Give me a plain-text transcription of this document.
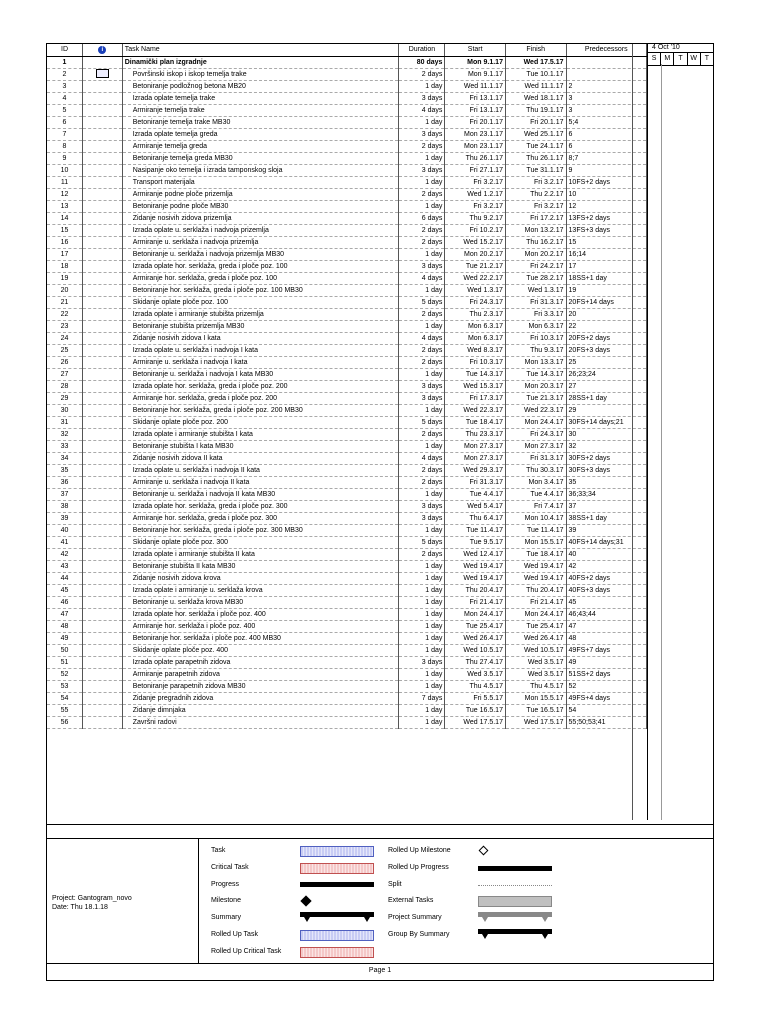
ID	i	Task Name	Duration	Start	Finish	Predecessors
1		Dinamički plan izgradnje	80 days	Mon 9.1.17	Wed 17.5.17	
2		Površinski iskop i iskop temelja trake	2 days	Mon 9.1.17	Tue 10.1.17	
3		Betoniranje podložnog betona MB20	1 day	Wed 11.1.17	Wed 11.1.17	2
4		Izrada oplate temelja trake	3 days	Fri 13.1.17	Wed 18.1.17	3
5		Armiranje temelja trake	4 days	Fri 13.1.17	Thu 19.1.17	3
6		Betoniranje temelja trake MB30	1 day	Fri 20.1.17	Fri 20.1.17	5;4
7		Izrada oplate temelja greda	3 days	Mon 23.1.17	Wed 25.1.17	6
8		Armiranje temelja greda	2 days	Mon 23.1.17	Tue 24.1.17	6
9		Betoniranje temelja greda MB30	1 day	Thu 26.1.17	Thu 26.1.17	8;7
10		Nasipanje oko temelja i izrada tamponskog sloja	3 days	Fri 27.1.17	Tue 31.1.17	9
11		Transport materijala	1 day	Fri 3.2.17	Fri 3.2.17	10FS+2 days
12		Armiranje podne ploče prizemlja	2 days	Wed 1.2.17	Thu 2.2.17	10
13		Betoniranje podne ploče MB30	1 day	Fri 3.2.17	Fri 3.2.17	12
14		Zidanje nosivih zidova prizemlja	6 days	Thu 9.2.17	Fri 17.2.17	13FS+2 days
15		Izrada oplate u. serklaža i nadvoja prizemlja	2 days	Fri 10.2.17	Mon 13.2.17	13FS+3 days
16		Armiranje u. serklaža i nadvoja prizemlja	2 days	Wed 15.2.17	Thu 16.2.17	15
17		Betoniranje u. serklaža i nadvoja prizemlja MB30	1 day	Mon 20.2.17	Mon 20.2.17	16;14
18		Izrada oplate hor. serklaža, greda i ploče poz. 100	3 days	Tue 21.2.17	Fri 24.2.17	17
19		Armiranje hor. serklaža, greda i ploče poz. 100	4 days	Wed 22.2.17	Tue 28.2.17	18SS+1 day
20		Betoniranje hor. serklaža, greda i ploče poz. 100 MB30	1 day	Wed 1.3.17	Wed 1.3.17	19
21		Skidanje oplate ploče poz. 100	5 days	Fri 24.3.17	Fri 31.3.17	20FS+14 days
22		Izrada oplate i armiranje stubišta prizemlja	2 days	Thu 2.3.17	Fri 3.3.17	20
23		Betoniranje stubišta prizemlja MB30	1 day	Mon 6.3.17	Mon 6.3.17	22
24		Zidanje nosivih zidova I kata	4 days	Mon 6.3.17	Fri 10.3.17	20FS+2 days
25		Izrada oplate u. serklaža i nadvoja I kata	2 days	Wed 8.3.17	Thu 9.3.17	20FS+3 days
26		Armiranje u. serklaža i nadvoja I kata	2 days	Fri 10.3.17	Mon 13.3.17	25
27		Betoniranje u. serklaža i nadvoja I kata MB30	1 day	Tue 14.3.17	Tue 14.3.17	26;23;24
28		Izrada oplate hor. serklaža, greda i ploče poz. 200	3 days	Wed 15.3.17	Mon 20.3.17	27
29		Armiranje hor. serklaža, greda i ploče poz. 200	3 days	Fri 17.3.17	Tue 21.3.17	28SS+1 day
30		Betoniranje hor. serklaža, greda i ploče poz. 200 MB30	1 day	Wed 22.3.17	Wed 22.3.17	29
31		Skidanje oplate ploče poz. 200	5 days	Tue 18.4.17	Mon 24.4.17	30FS+14 days;21
32		Izrada oplate i armiranje stubišta I kata	2 days	Thu 23.3.17	Fri 24.3.17	30
33		Betoniranje stubišta I kata MB30	1 day	Mon 27.3.17	Mon 27.3.17	32
34		Zidanje nosivih zidova II kata	4 days	Mon 27.3.17	Fri 31.3.17	30FS+2 days
35		Izrada oplate u. serklaža i nadvoja II kata	2 days	Wed 29.3.17	Thu 30.3.17	30FS+3 days
36		Armiranje u. serklaža i nadvoja II kata	2 days	Fri 31.3.17	Mon 3.4.17	35
37		Betoniranje u. serklaža i nadvoja II kata MB30	1 day	Tue 4.4.17	Tue 4.4.17	36;33;34
38		Izrada oplate hor. serklaža, greda i ploče poz. 300	3 days	Wed 5.4.17	Fri 7.4.17	37
39		Armiranje hor. serklaža, greda i ploče poz. 300	3 days	Thu 6.4.17	Mon 10.4.17	38SS+1 day
40		Betoniranje hor. serklaža, greda i ploče poz. 300 MB30	1 day	Tue 11.4.17	Tue 11.4.17	39
41		Skidanje oplate ploče poz. 300	5 days	Tue 9.5.17	Mon 15.5.17	40FS+14 days;31
42		Izrada oplate i armiranje stubišta II kata	2 days	Wed 12.4.17	Tue 18.4.17	40
43		Betoniranje stubišta II kata MB30	1 day	Wed 19.4.17	Wed 19.4.17	42
44		Zidanje nosivih zidova krova	1 day	Wed 19.4.17	Wed 19.4.17	40FS+2 days
45		Izrada oplate i armiranje u. serklaža krova	1 day	Thu 20.4.17	Thu 20.4.17	40FS+3 days
46		Betoniranje u. serklaža krova MB30	1 day	Fri 21.4.17	Fri 21.4.17	45
47		Izrada oplate hor. serklaža i ploče poz. 400	1 day	Mon 24.4.17	Mon 24.4.17	46;43;44
48		Armiranje hor. serklaža i ploče poz. 400	1 day	Tue 25.4.17	Tue 25.4.17	47
49		Betoniranje hor. serklaža i ploče poz. 400 MB30	1 day	Wed 26.4.17	Wed 26.4.17	48
50		Skidanje oplate ploče poz. 400	1 day	Wed 10.5.17	Wed 10.5.17	49FS+7 days
51		Izrada oplate parapetnih zidova	3 days	Thu 27.4.17	Wed 3.5.17	49
52		Armiranje parapetnih zidova	1 day	Wed 3.5.17	Wed 3.5.17	51SS+2 days
53		Betoniranje parapetnih zidova MB30	1 day	Thu 4.5.17	Thu 4.5.17	52
54		Zidanje pregradnih zidova	7 days	Fri 5.5.17	Mon 15.5.17	49FS+4 days
55		Zidanje dimnjaka	1 day	Tue 16.5.17	Tue 16.5.17	54
56		Završni radovi	1 day	Wed 17.5.17	Wed 17.5.17	55;50;53;41
4 Oct '10
S	M	T	W	T
Project: Gantogram_novo
Date: Thu 18.1.18
Task
Critical Task
Progress
Milestone
Summary
Rolled Up Task
Rolled Up Critical Task
Rolled Up Milestone
Rolled Up Progress
Split
External Tasks
Project Summary
Group By Summary
Page 1
